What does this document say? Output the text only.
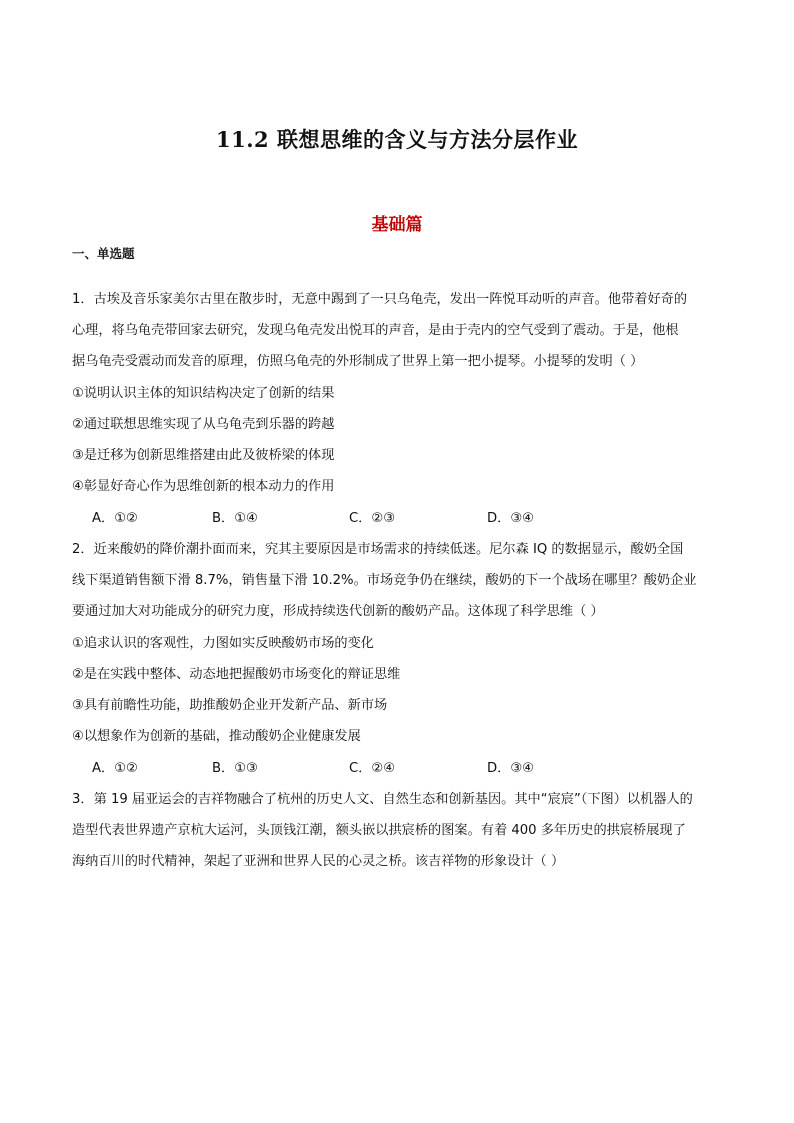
11.2 联想思维的含义与方法分层作业
基础篇
一、单选题
1．古埃及音乐家美尔古里在散步时，无意中踢到了一只乌龟壳，发出一阵悦耳动听的声音。他带着好奇的
心理，将乌龟壳带回家去研究，发现乌龟壳发出悦耳的声音，是由于壳内的空气受到了震动。于是，他根
据乌龟壳受震动而发音的原理，仿照乌龟壳的外形制成了世界上第一把小提琴。小提琴的发明（ ）
①说明认识主体的知识结构决定了创新的结果
②通过联想思维实现了从乌龟壳到乐器的跨越
③是迁移为创新思维搭建由此及彼桥梁的体现
④彰显好奇心作为思维创新的根本动力的作用
A．①②	B．①④	C．②③	D．③④
2．近来酸奶的降价潮扑面而来，究其主要原因是市场需求的持续低迷。尼尔森 IQ 的数据显示，酸奶全国
线下渠道销售额下滑 8.7%，销售量下滑 10.2%。市场竞争仍在继续，酸奶的下一个战场在哪里？酸奶企业
要通过加大对功能成分的研究力度，形成持续迭代创新的酸奶产品。这体现了科学思维（ ）
①追求认识的客观性，力图如实反映酸奶市场的变化
②是在实践中整体、动态地把握酸奶市场变化的辩证思维
③具有前瞻性功能，助推酸奶企业开发新产品、新市场
④以想象作为创新的基础，推动酸奶企业健康发展
A．①②	B．①③	C．②④	D．③④
3．第 19 届亚运会的吉祥物融合了杭州的历史人文、自然生态和创新基因。其中“宸宸”（下图）以机器人的
造型代表世界遗产京杭大运河，头顶钱江潮，额头嵌以拱宸桥的图案。有着 400 多年历史的拱宸桥展现了
海纳百川的时代精神，架起了亚洲和世界人民的心灵之桥。该吉祥物的形象设计（ ）
